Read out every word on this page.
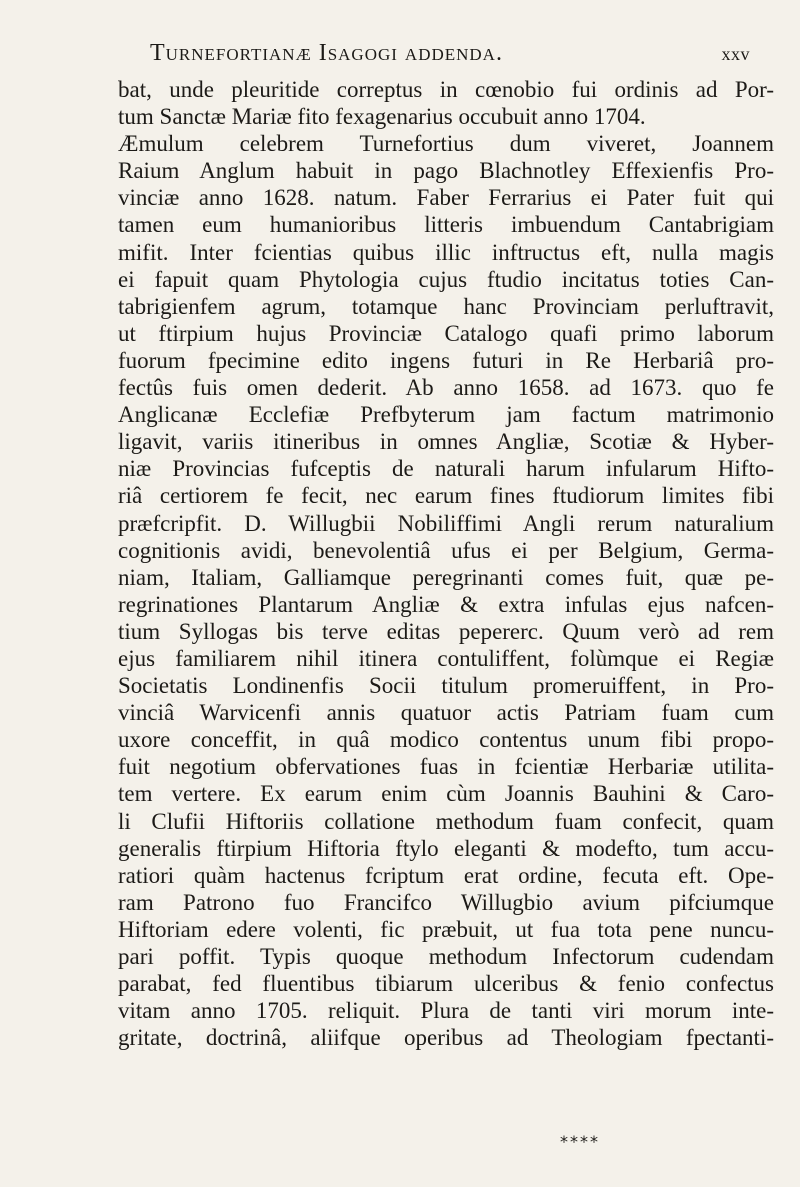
Turnefortianæ Isagogi addenda.	xxv
bat, unde pleuritide correptus in cœnobio fui ordinis ad Por-
tum Sanctæ Mariæ fito fexagenarius occubuit anno 1704.
Æmulum celebrem Turnefortius dum viveret, Joannem
Raium Anglum habuit in pago Blachnotley Effexienfis Pro-
vinciæ anno 1628. natum. Faber Ferrarius ei Pater fuit qui
tamen eum humanioribus litteris imbuendum Cantabrigiam
mifit. Inter fcientias quibus illic inftructus eft, nulla magis
ei fapuit quam Phytologia cujus ftudio incitatus toties Can-
tabrigienfem agrum, totamque hanc Provinciam perluftravit,
ut ftirpium hujus Provinciæ Catalogo quafi primo laborum
fuorum fpecimine edito ingens futuri in Re Herbariâ pro-
fectûs fuis omen dederit. Ab anno 1658. ad 1673. quo fe
Anglicanæ Ecclefiæ Prefbyterum jam factum matrimonio
ligavit, variis itineribus in omnes Angliæ, Scotiæ & Hyber-
niæ Provincias fufceptis de naturali harum infularum Hifto-
riâ certiorem fe fecit, nec earum fines ftudiorum limites fibi
præfcripfit. D. Willugbii Nobiliffimi Angli rerum naturalium
cognitionis avidi, benevolentiâ ufus ei per Belgium, Germa-
niam, Italiam, Galliamque peregrinanti comes fuit, quæ pe-
regrinationes Plantarum Angliæ & extra infulas ejus nafcen-
tium Syllogas bis terve editas pepererc. Quum verò ad rem
ejus familiarem nihil itinera contuliffent, folùmque ei Regiæ
Societatis Londinenfis Socii titulum promeruiffent, in Pro-
vinciâ Warvicenfi annis quatuor actis Patriam fuam cum
uxore conceffit, in quâ modico contentus unum fibi propo-
fuit negotium obfervationes fuas in fcientiæ Herbariæ utilita-
tem vertere. Ex earum enim cùm Joannis Bauhini & Caro-
li Clufii Hiftoriis collatione methodum fuam confecit, quam
generalis ftirpium Hiftoria ftylo eleganti & modefto, tum accu-
ratiori quàm hactenus fcriptum erat ordine, fecuta eft. Ope-
ram Patrono fuo Francifco Willugbio avium pifciumque
Hiftoriam edere volenti, fic præbuit, ut fua tota pene nuncu-
pari poffit. Typis quoque methodum Infectorum cudendam
parabat, fed fluentibus tibiarum ulceribus & fenio confectus
vitam anno 1705. reliquit. Plura de tanti viri morum inte-
gritate, doctrinâ, aliifque operibus ad Theologiam fpectanti-
****
